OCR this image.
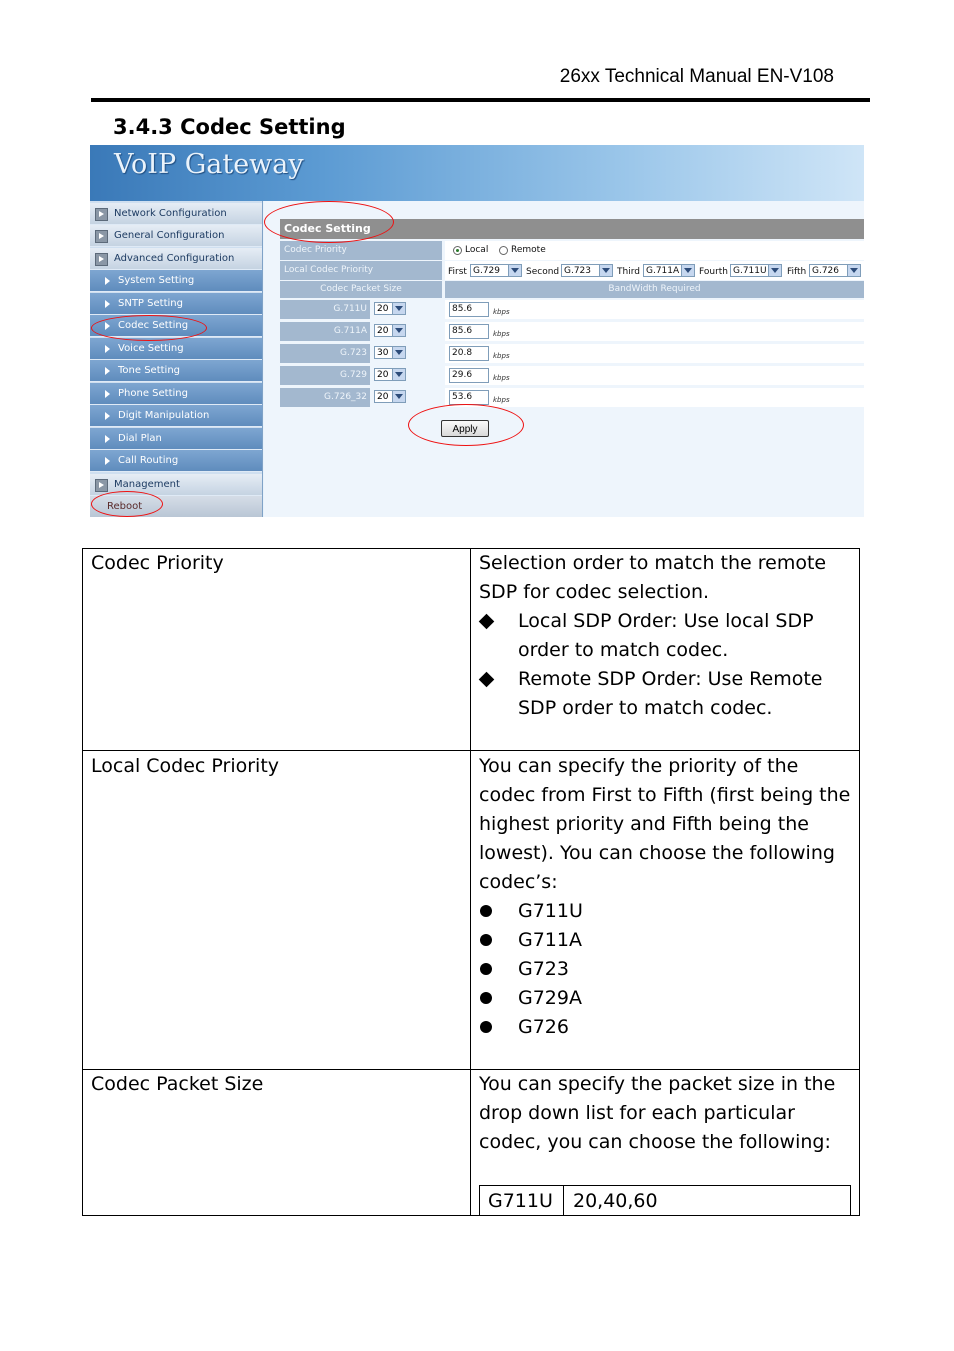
26xx Technical Manual EN-V108
3.4.3 Codec Setting
VoIP Gateway
Network Configuration
General Configuration
Advanced Configuration
System Setting
SNTP Setting
Codec Setting
Voice Setting
Tone Setting
Phone Setting
Digit Manipulation
Dial Plan
Call Routing
Management
Reboot
Codec Setting
Codec Priority	Local	Remote
Local Codec Priority	First G.729	Second G.723	Third G.711A	Fourth G.711U	Fifth G.726
Codec Packet Size	BandWidth Required
G.711U	20	85.6	kbps
G.711A	20	85.6	kbps
G.723	30	20.8	kbps
G.729	20	29.6	kbps
G.726_32	20	53.6	kbps
Apply
Codec Priority	Selection order to match the remote

SDP for codec selection.

Local SDP Order: Use local SDP

order to match codec.

Remote SDP Order: Use Remote

SDP order to match codec.

Local Codec Priority	You can specify the priority of the

codec from First to Fifth (first being the

highest priority and Fifth being the

lowest). You can choose the following

codec’s:

G711U

G711A

G723

G729A

G726

Codec Packet Size	You can specify the packet size in the

drop down list for each particular

codec, you can choose the following:

G711U	20,40,60
